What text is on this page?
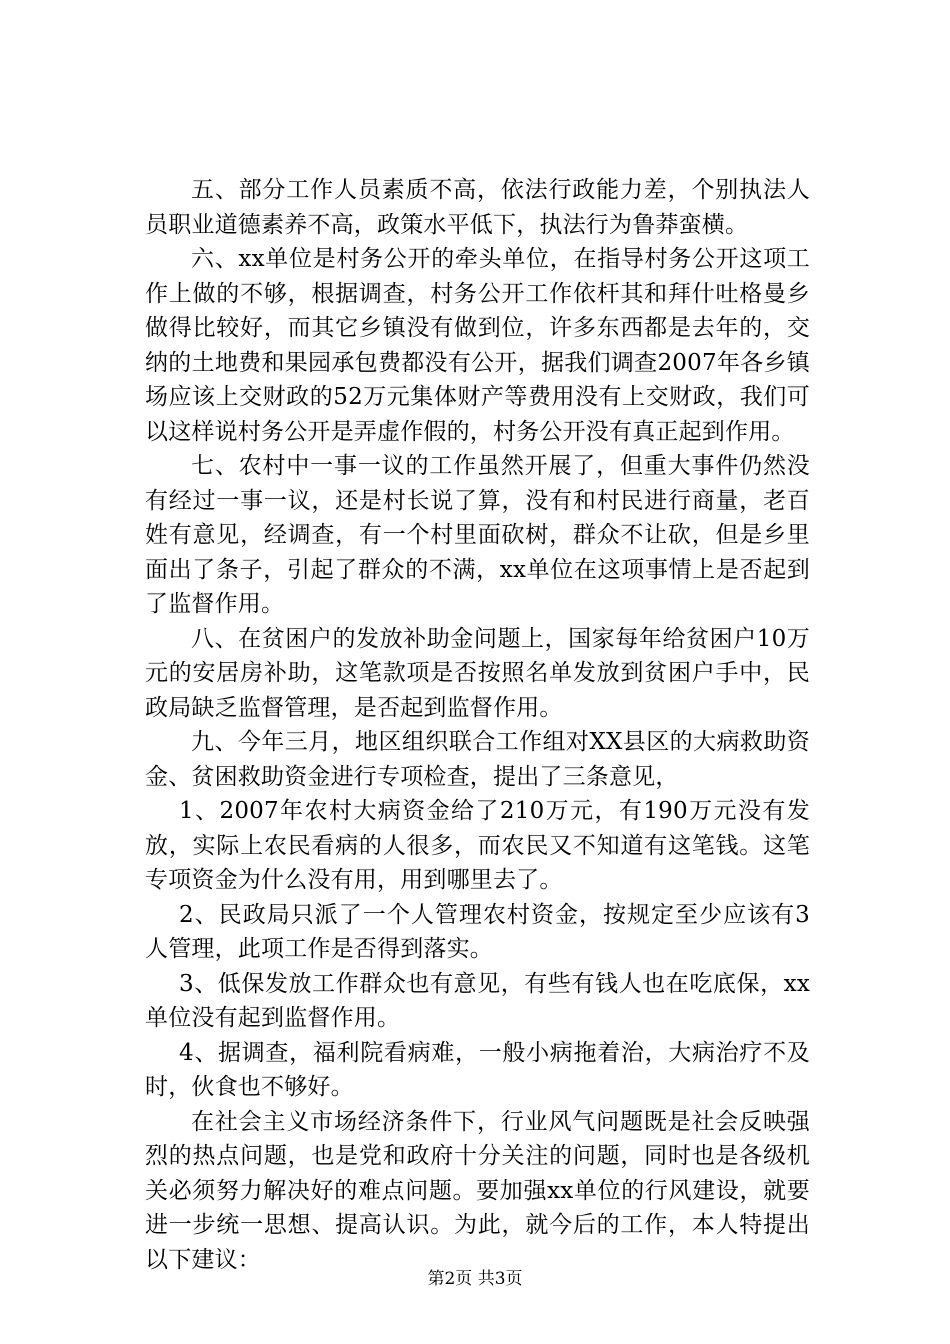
五、部分工作人员素质不高，依法行政能力差，个别执法人员职业道德素养不高，政策水平低下，执法行为鲁莽蛮横。

六、xx单位是村务公开的牵头单位，在指导村务公开这项工作上做的不够，根据调查，村务公开工作依杆其和拜什吐格曼乡做得比较好，而其它乡镇没有做到位，许多东西都是去年的，交纳的土地费和果园承包费都没有公开，据我们调查2007年各乡镇场应该上交财政的52万元集体财产等费用没有上交财政，我们可以这样说村务公开是弄虚作假的，村务公开没有真正起到作用。

七、农村中一事一议的工作虽然开展了，但重大事件仍然没有经过一事一议，还是村长说了算，没有和村民进行商量，老百姓有意见，经调查，有一个村里面砍树，群众不让砍，但是乡里面出了条子，引起了群众的不满，xx单位在这项事情上是否起到了监督作用。

八、在贫困户的发放补助金问题上，国家每年给贫困户10万元的安居房补助，这笔款项是否按照名单发放到贫困户手中，民政局缺乏监督管理，是否起到监督作用。

九、今年三月，地区组织联合工作组对XX县区的大病救助资金、贫困救助资金进行专项检查，提出了三条意见，

1、2007年农村大病资金给了210万元，有190万元没有发放，实际上农民看病的人很多，而农民又不知道有这笔钱。这笔专项资金为什么没有用，用到哪里去了。

2、民政局只派了一个人管理农村资金，按规定至少应该有3人管理，此项工作是否得到落实。

3、低保发放工作群众也有意见，有些有钱人也在吃底保，xx单位没有起到监督作用。

4、据调查，福利院看病难，一般小病拖着治，大病治疗不及时，伙食也不够好。

在社会主义市场经济条件下，行业风气问题既是社会反映强烈的热点问题，也是党和政府十分关注的问题，同时也是各级机关必须努力解决好的难点问题。要加强xx单位的行风建设，就要进一步统一思想、提高认识。为此，就今后的工作，本人特提出以下建议：

第2页 共3页
